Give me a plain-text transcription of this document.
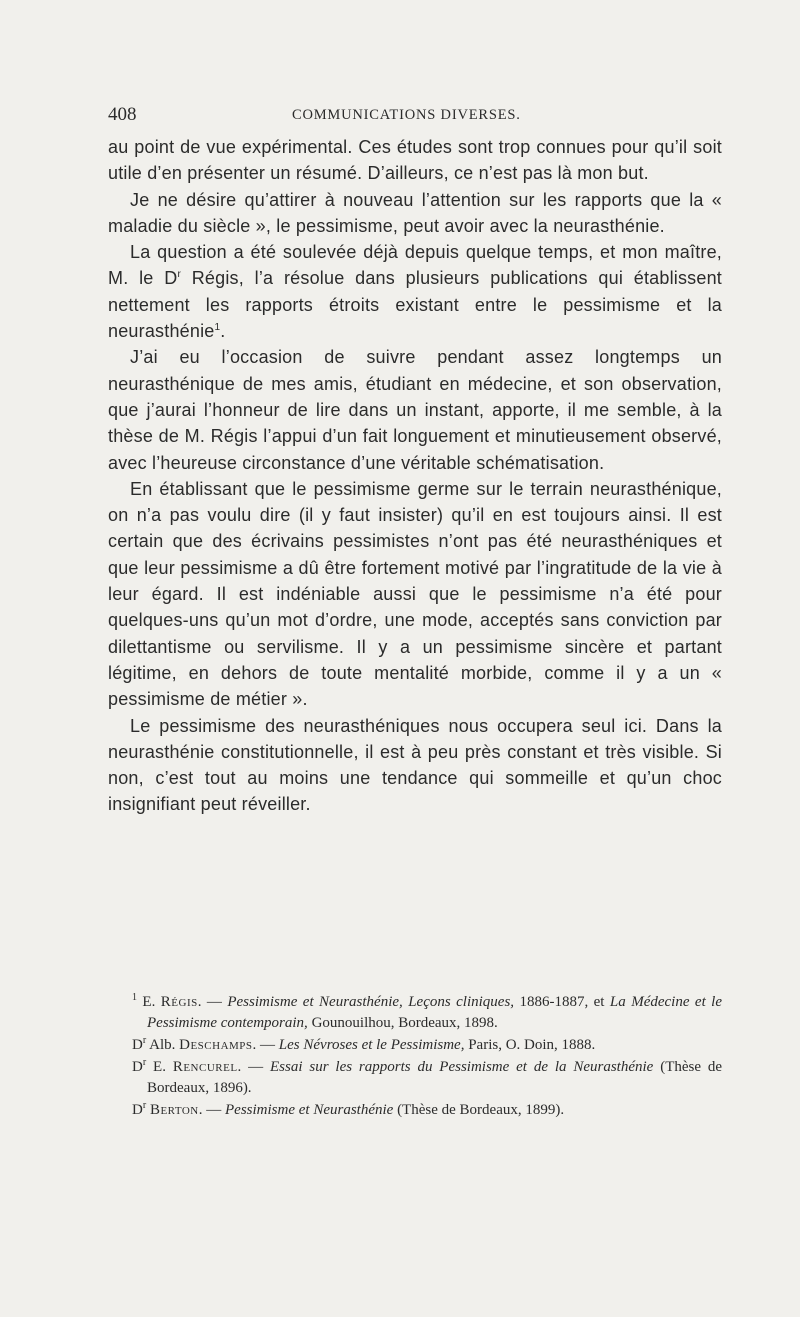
408	COMMUNICATIONS DIVERSES.

au point de vue expérimental. Ces études sont trop connues pour qu’il soit utile d’en présenter un résumé. D’ailleurs, ce n’est pas là mon but.

Je ne désire qu’attirer à nouveau l’attention sur les rapports que la « maladie du siècle », le pessimisme, peut avoir avec la neurasthénie.

La question a été soulevée déjà depuis quelque temps, et mon maître, M. le $D^r$ Régis, l’a résolue dans plusieurs publications qui établissent nettement les rapports étroits existant entre le pessimisme et la neurasthénie$^1$.

J’ai eu l’occasion de suivre pendant assez longtemps un neurasthénique de mes amis, étudiant en médecine, et son observation, que j’aurai l’honneur de lire dans un instant, apporte, il me semble, à la thèse de M. Régis l’appui d’un fait longuement et minutieusement observé, avec l’heureuse circonstance d’une véritable schématisation.

En établissant que le pessimisme germe sur le terrain neurasthénique, on n’a pas voulu dire (il y faut insister) qu’il en est toujours ainsi. Il est certain que des écrivains pessimistes n’ont pas été neurasthéniques et que leur pessimisme a dû être fortement motivé par l’ingratitude de la vie à leur égard. Il est indéniable aussi que le pessimisme n’a été pour quelques-uns qu’un mot d’ordre, une mode, acceptés sans conviction par dilettantisme ou servilisme. Il y a un pessimisme sincère et partant légitime, en dehors de toute mentalité morbide, comme il y a un « pessimisme de métier ».

Le pessimisme des neurasthéniques nous occupera seul ici. Dans la neurasthénie constitutionnelle, il est à peu près constant et très visible. Si non, c’est tout au moins une tendance qui sommeille et qu’un choc insignifiant peut réveiller.

$^1$ E. Régis. — Pessimisme et Neurasthénie, Leçons cliniques, 1886-1887, et La Médecine et le Pessimisme contemporain, Gounouilhou, Bordeaux, 1898.

$D^r$ Alb. Deschamps. — Les Névroses et le Pessimisme, Paris, O. Doin, 1888.

$D^r$ E. Rencurel. — Essai sur les rapports du Pessimisme et de la Neurasthénie (Thèse de Bordeaux, 1896).

$D^r$ Berton. — Pessimisme et Neurasthénie (Thèse de Bordeaux, 1899).
